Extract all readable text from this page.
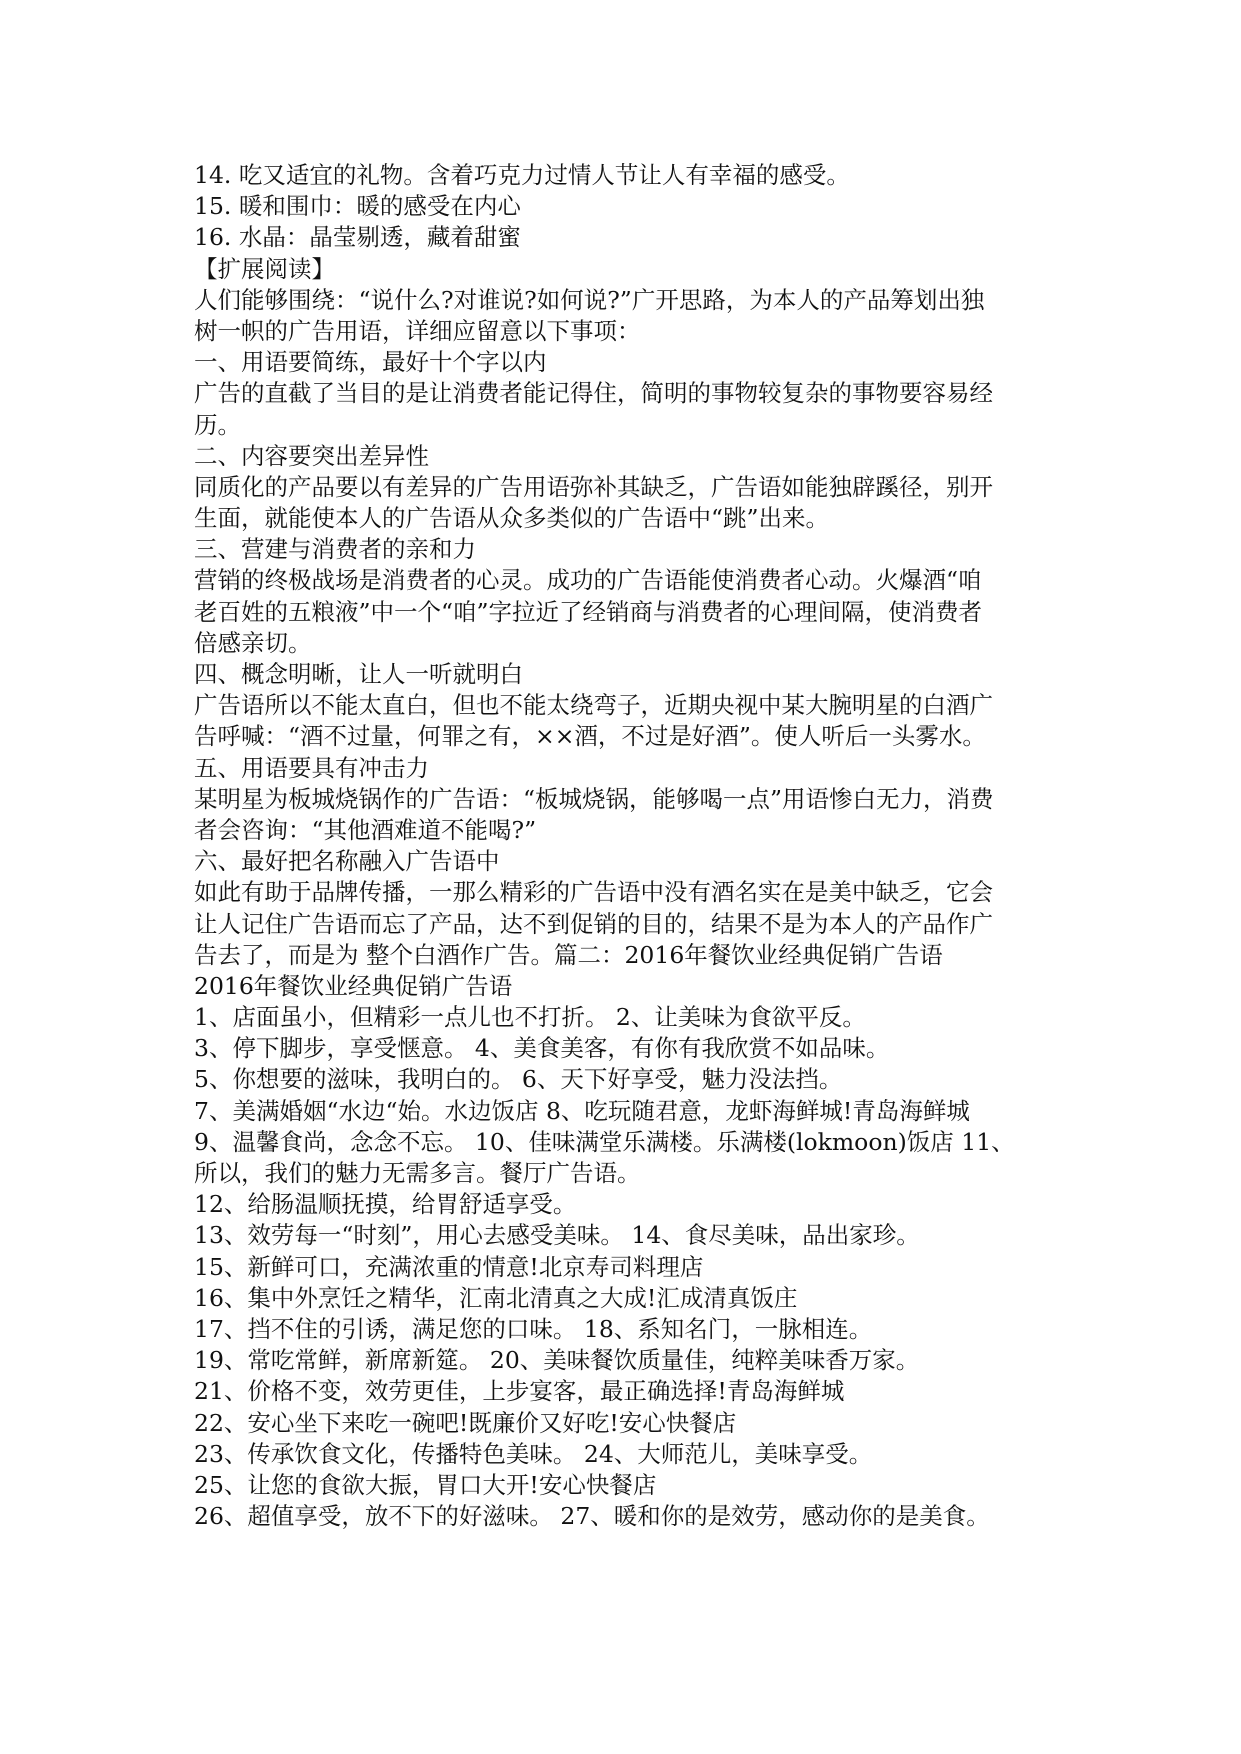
14. 吃又适宜的礼物。含着巧克力过情人节让人有幸福的感受。
15. 暖和围巾：暖的感受在内心
16. 水晶：晶莹剔透，藏着甜蜜
【扩展阅读】
人们能够围绕：“说什么?对谁说?如何说?”广开思路，为本人的产品筹划出独
树一帜的广告用语，详细应留意以下事项：
一、用语要简练，最好十个字以内
广告的直截了当目的是让消费者能记得住，简明的事物较复杂的事物要容易经
历。
二、内容要突出差异性
同质化的产品要以有差异的广告用语弥补其缺乏，广告语如能独辟蹊径，别开
生面，就能使本人的广告语从众多类似的广告语中“跳”出来。
三、营建与消费者的亲和力
营销的终极战场是消费者的心灵。成功的广告语能使消费者心动。火爆酒“咱
老百姓的五粮液”中一个“咱”字拉近了经销商与消费者的心理间隔，使消费者
倍感亲切。
四、概念明晰，让人一听就明白
广告语所以不能太直白，但也不能太绕弯子，近期央视中某大腕明星的白酒广
告呼喊：“酒不过量，何罪之有，××酒，不过是好酒”。使人听后一头雾水。
五、用语要具有冲击力
某明星为板城烧锅作的广告语：“板城烧锅，能够喝一点”用语惨白无力，消费
者会咨询：“其他酒难道不能喝?”
六、最好把名称融入广告语中
如此有助于品牌传播，一那么精彩的广告语中没有酒名实在是美中缺乏，它会
让人记住广告语而忘了产品，达不到促销的目的，结果不是为本人的产品作广
告去了，而是为 整个白酒作广告。篇二：2016年餐饮业经典促销广告语
2016年餐饮业经典促销广告语
1、店面虽小，但精彩一点儿也不打折。 2、让美味为食欲平反。
3、停下脚步，享受惬意。 4、美食美客，有你有我欣赏不如品味。
5、你想要的滋味，我明白的。 6、天下好享受，魅力没法挡。
7、美满婚姻“水边“始。水边饭店 8、吃玩随君意，龙虾海鲜城!青岛海鲜城
9、温馨食尚，念念不忘。 10、佳味满堂乐满楼。乐满楼(lokmoon)饭店 11、
所以，我们的魅力无需多言。餐厅广告语。
12、给肠温顺抚摸，给胃舒适享受。
13、效劳每一“时刻”，用心去感受美味。 14、食尽美味，品出家珍。
15、新鲜可口，充满浓重的情意!北京寿司料理店
16、集中外烹饪之精华，汇南北清真之大成!汇成清真饭庄
17、挡不住的引诱，满足您的口味。 18、系知名门，一脉相连。
19、常吃常鲜，新席新筵。 20、美味餐饮质量佳，纯粹美味香万家。
21、价格不变，效劳更佳，上步宴客，最正确选择!青岛海鲜城
22、安心坐下来吃一碗吧!既廉价又好吃!安心快餐店
23、传承饮食文化，传播特色美味。 24、大师范儿，美味享受。
25、让您的食欲大振，胃口大开!安心快餐店
26、超值享受，放不下的好滋味。 27、暖和你的是效劳，感动你的是美食。
